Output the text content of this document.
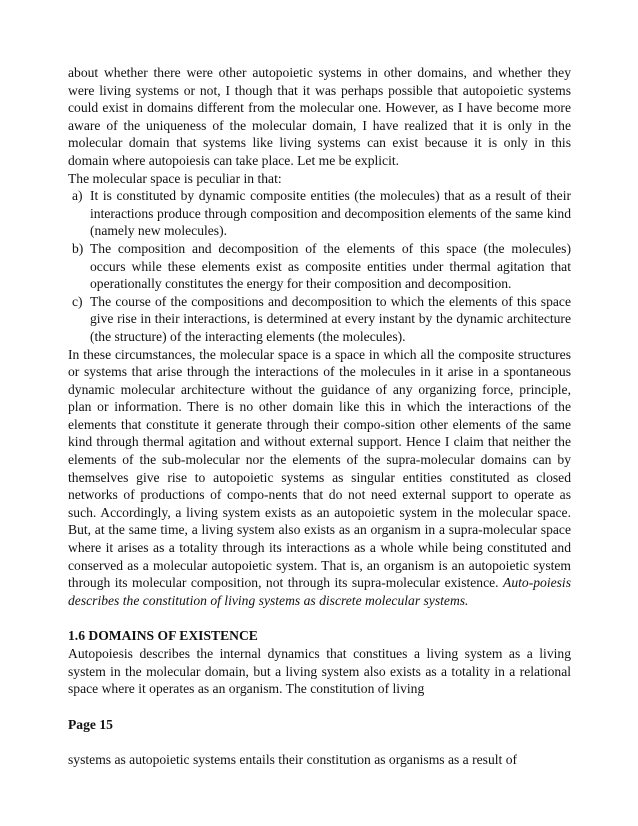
about whether there were other autopoietic systems in other domains, and whether they were living systems or not, I though that it was perhaps possible that autopoietic systems could exist in domains different from the molecular one. However, as I have become more aware of the uniqueness of the molecular domain, I have realized that it is only in the molecular domain that systems like living systems can exist because it is only in this domain where autopoiesis can take place. Let me be explicit.

The molecular space is peculiar in that:

a) It is constituted by dynamic composite entities (the molecules) that as a result of their interactions produce through composition and decomposition elements of the same kind (namely new molecules).
b) The composition and decomposition of the elements of this space (the molecules) occurs while these elements exist as composite entities under thermal agitation that operationally constitutes the energy for their composition and decomposition.
c) The course of the compositions and decomposition to which the elements of this space give rise in their interactions, is determined at every instant by the dynamic architecture (the structure) of the interacting elements (the molecules).

In these circumstances, the molecular space is a space in which all the composite structures or systems that arise through the interactions of the molecules in it arise in a spontaneous dynamic molecular architecture without the guidance of any organizing force, principle, plan or information. There is no other domain like this in which the interactions of the elements that constitute it generate through their compo-sition other elements of the same kind through thermal agitation and without external support. Hence I claim that neither the elements of the sub-molecular nor the elements of the supra-molecular domains can by themselves give rise to autopoietic systems as singular entities constituted as closed networks of productions of compo-nents that do not need external support to operate as such. Accordingly, a living system exists as an autopoietic system in the molecular space. But, at the same time, a living system also exists as an organism in a supra-molecular space where it arises as a totality through its interactions as a whole while being constituted and conserved as a molecular autopoietic system. That is, an organism is an autopoietic system through its molecular composition, not through its supra-molecular existence. Auto-poiesis describes the constitution of living systems as discrete molecular systems.

1.6 DOMAINS OF EXISTENCE

Autopoiesis describes the internal dynamics that constitues a living system as a living system in the molecular domain, but a living system also exists as a totality in a relational space where it operates as an organism. The constitution of living

Page 15

systems as autopoietic systems entails their constitution as organisms as a result of
